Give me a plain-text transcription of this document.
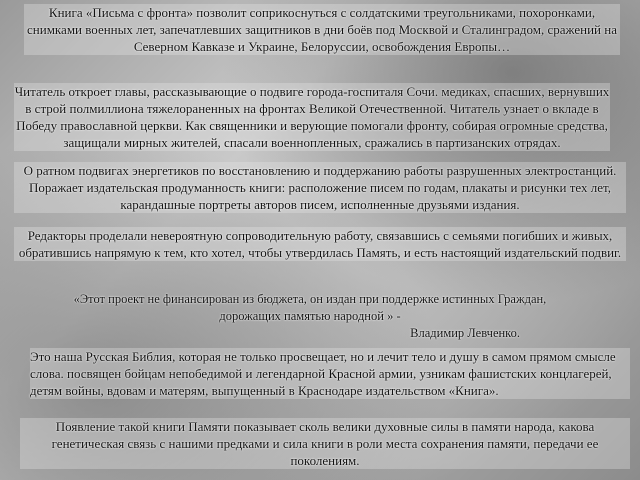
Книга «Письма с фронта» позволит соприкоснуться с солдатскими треугольниками, похоронками, снимками военных лет, запечатлевших защитников в дни боёв под Москвой и Сталинградом, сражений на Северном Кавказе и Украине, Белоруссии, освобождения Европы…
Читатель откроет главы, рассказывающие о подвиге города-госпиталя Сочи. медиках, спасших, вернувших в строй полмиллиона тяжелораненных на фронтах Великой Отечественной. Читатель узнает о вкладе в Победу православной церкви. Как священники и верующие помогали фронту, собирая огромные средства, защищали мирных жителей, спасали военнопленных, сражались в партизанских отрядах.
О ратном подвигах энергетиков по восстановлению и поддержанию работы разрушенных электростанций. Поражает издательская продуманность книги: расположение писем по годам, плакаты и рисунки тех лет, карандашные портреты авторов писем, исполненные друзьями издания.
Редакторы проделали невероятную сопроводительную работу, связавшись с семьями погибших и живых, обратившись напрямую к тем, кто хотел, чтобы утвердилась Память, и есть настоящий издательский подвиг.
«Этот проект не финансирован из бюджета, он издан при поддержке истинных Граждан, дорожащих памятью народной » -
Владимир Левченко.
Это наша Русская Библия, которая не только просвещает, но и лечит тело и душу в самом прямом смысле слова. посвящен бойцам непобедимой и легендарной Красной армии, узникам фашистских концлагерей, детям войны, вдовам и матерям, выпущенный в Краснодаре издательством «Книга».
Появление такой книги Памяти показывает сколь велики духовные силы в памяти народа, какова генетическая связь с нашими предками и сила книги в роли места сохранения памяти, передачи ее поколениям.
